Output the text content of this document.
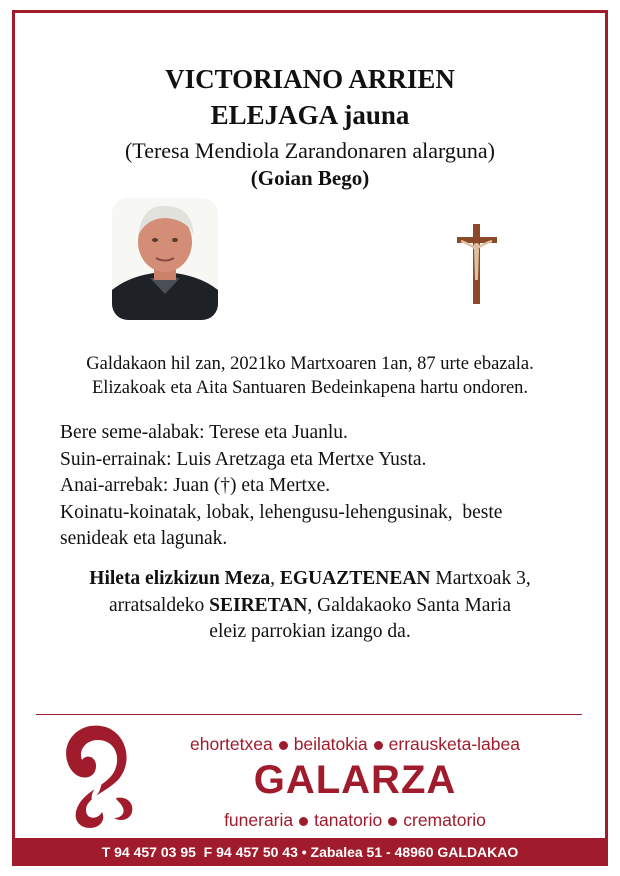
VICTORIANO ARRIEN
ELEJAGA jauna
(Teresa Mendiola Zarandonaren alarguna)
(Goian Bego)

Galdakaon hil zan, 2021ko Martxoaren 1an, 87 urte ebazala.

Elizakoak eta Aita Santuaren Bedeinkapena hartu ondoren.

Bere seme-alabak: Terese eta Juanlu.

Suin-errainak: Luis Aretzaga eta Mertxe Yusta.

Anai-arrebak: Juan (†) eta Mertxe.

Koinatu-koinatak, lobak, lehengusu-lehengusinak,  beste

senideak eta lagunak.

Hileta elizkizun Meza, EGUAZTENEAN Martxoak 3,

arratsaldeko SEIRETAN, Galdakaoko Santa Maria

eleiz parrokian izango da.

ehortetxea beilatokia errausketa-labea
GALARZA
funeraria tanatorio crematorio
T 94 457 03 95  F 94 457 50 43 • Zabalea 51 - 48960 GALDAKAO
